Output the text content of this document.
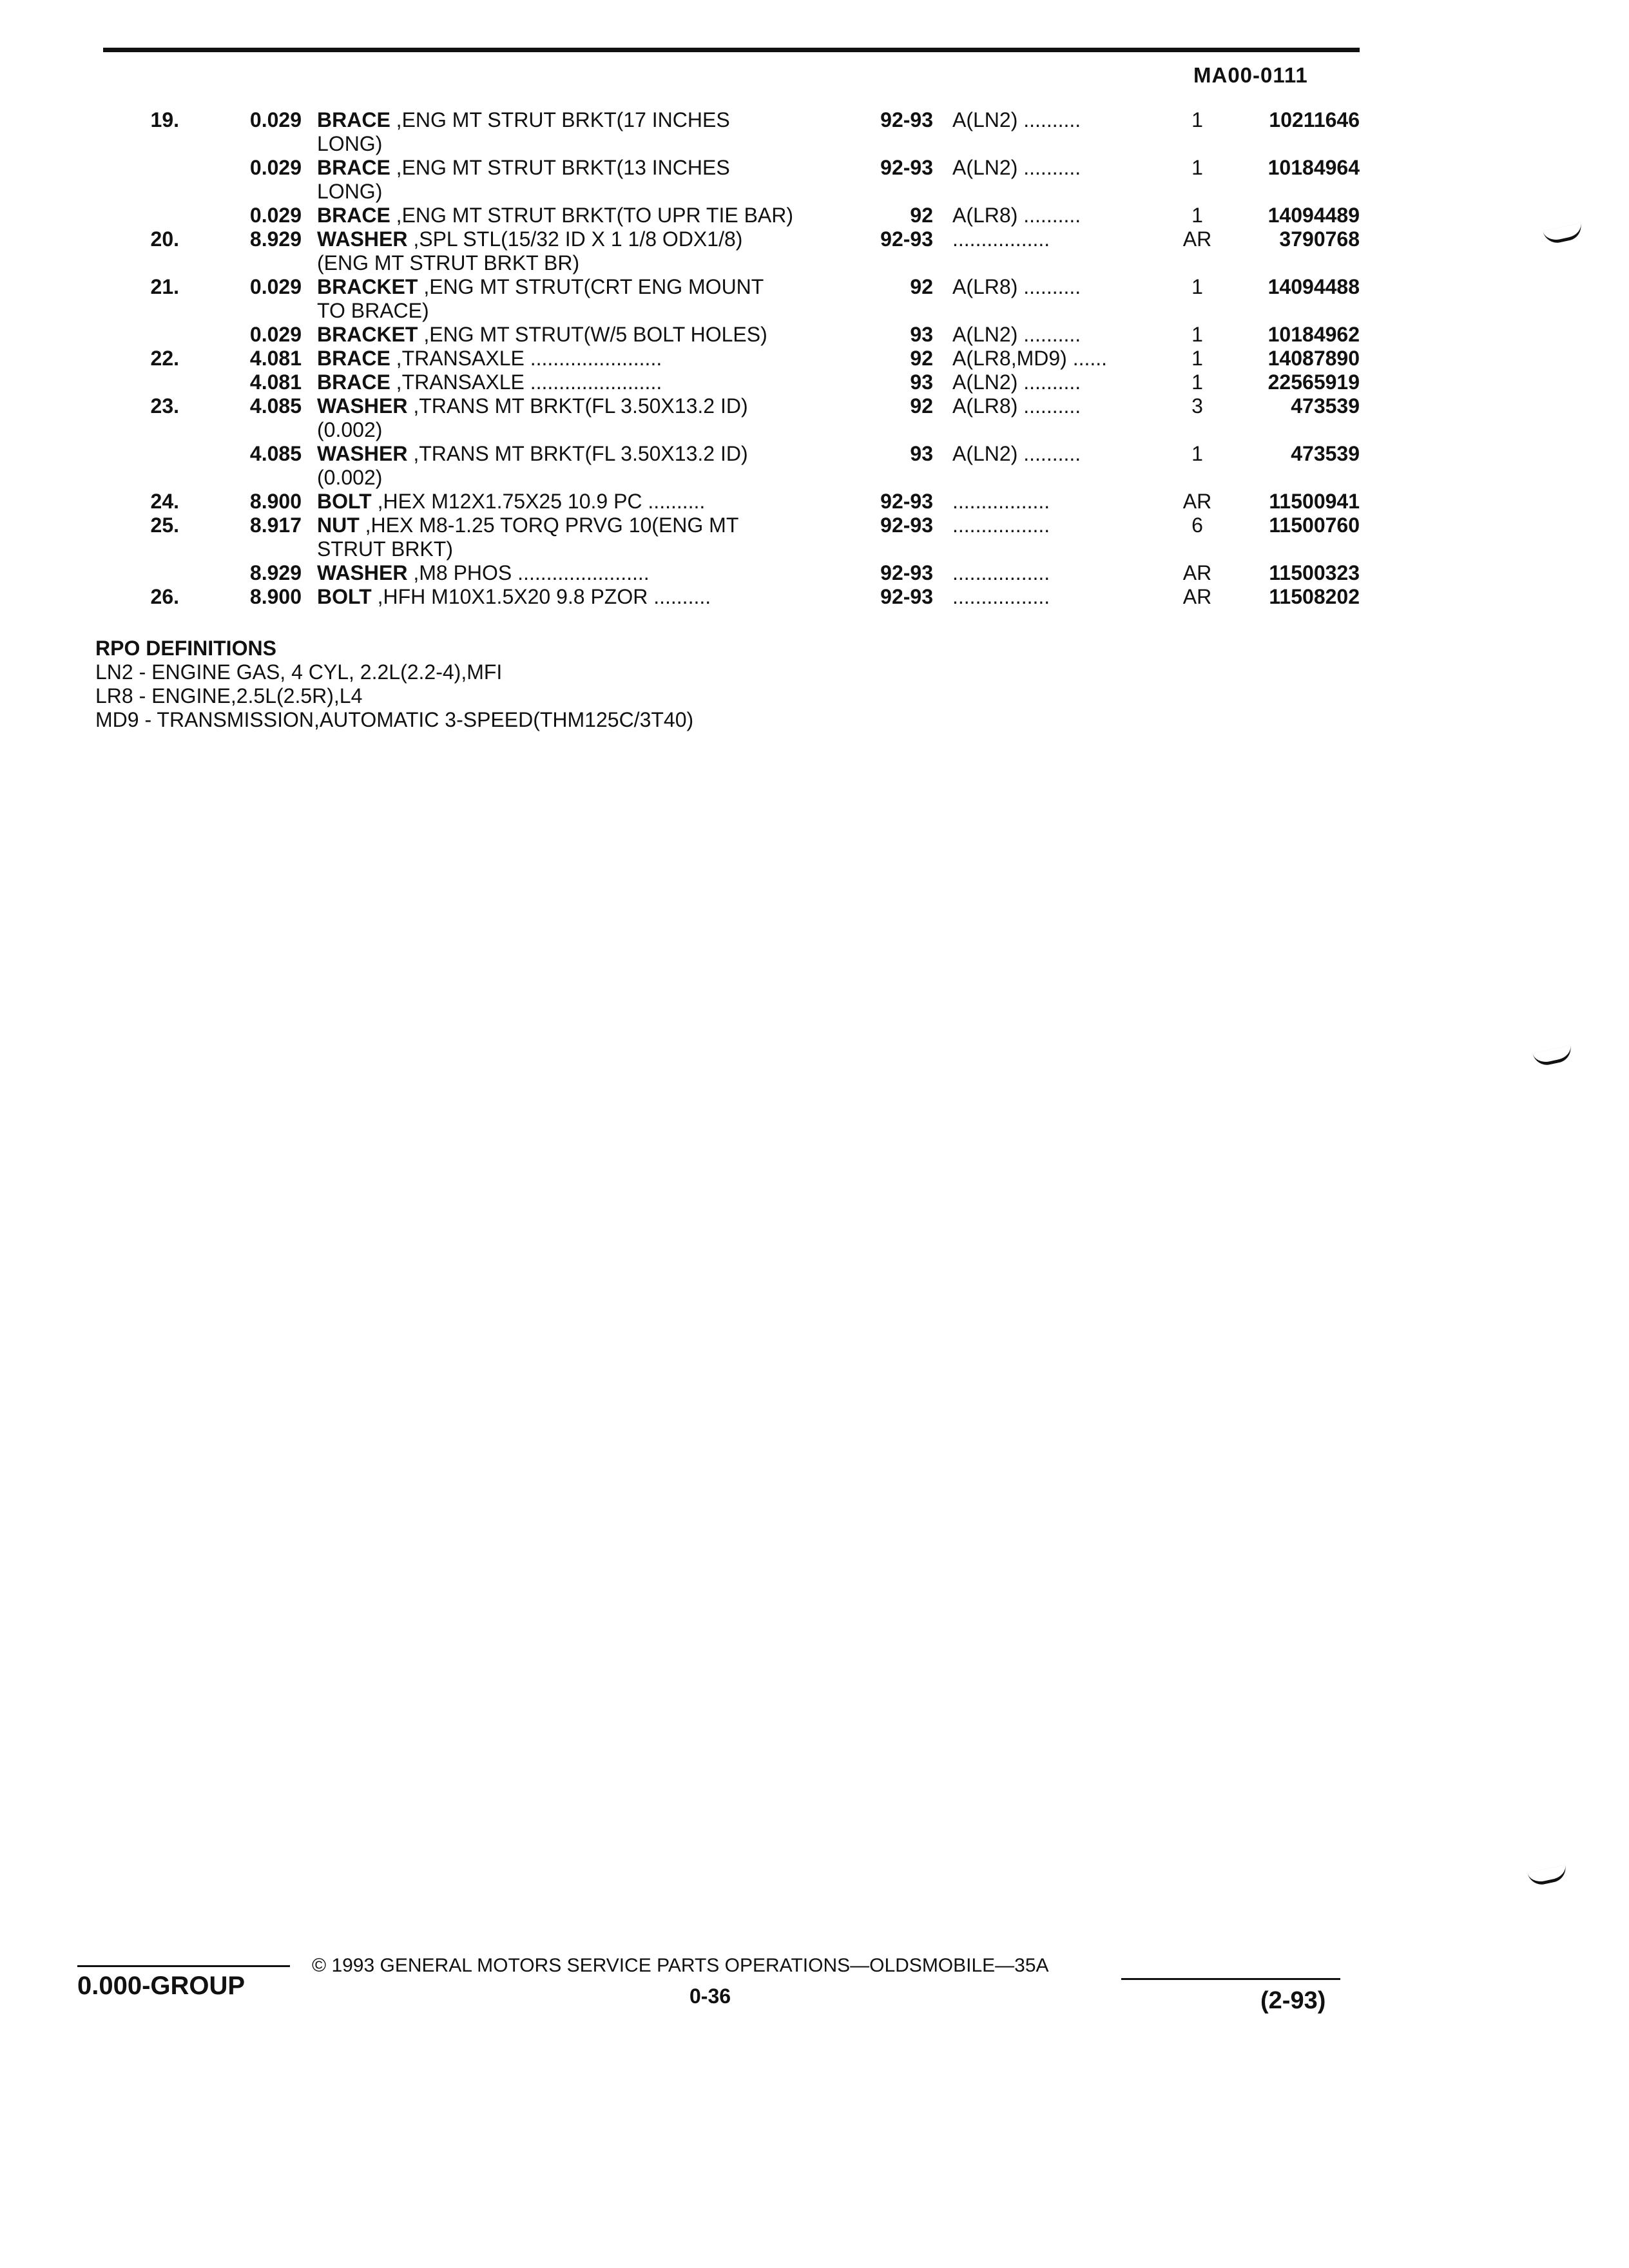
MA00-0111
19.	0.029 BRACE ,ENG MT STRUT BRKT(17 INCHES
LONG)
92-93 A(LN2) ..........	1	10211646
0.029 BRACE ,ENG MT STRUT BRKT(13 INCHES
LONG)
92-93 A(LN2) ..........	1	10184964
0.029 BRACE ,ENG MT STRUT BRKT(TO UPR TIE BAR)	92 A(LR8) ..........	1	14094489
20.	8.929 WASHER ,SPL STL(15/32 ID X 1 1/8 ODX1/8)
(ENG MT STRUT BRKT BR)
92-93 .................	AR	3790768
21.	0.029 BRACKET ,ENG MT STRUT(CRT ENG MOUNT
TO BRACE)
92 A(LR8) ..........	1	14094488
0.029 BRACKET ,ENG MT STRUT(W/5 BOLT HOLES)	93 A(LN2) ..........	1	10184962
22.	4.081 BRACE ,TRANSAXLE .......................	92 A(LR8,MD9) ......	1	14087890
4.081 BRACE ,TRANSAXLE .......................	93 A(LN2) ..........	1	22565919
23.	4.085 WASHER ,TRANS MT BRKT(FL 3.50X13.2 ID)
(0.002)
92 A(LR8) ..........	3	473539
4.085 WASHER ,TRANS MT BRKT(FL 3.50X13.2 ID)
(0.002)
93 A(LN2) ..........	1	473539
24.	8.900 BOLT ,HEX M12X1.75X25 10.9 PC ..........	92-93 .................	AR	11500941
25.	8.917 NUT ,HEX M8-1.25 TORQ PRVG 10(ENG MT
STRUT BRKT)
92-93 .................	6	11500760
8.929 WASHER ,M8 PHOS .......................	92-93 .................	AR	11500323
26.	8.900 BOLT ,HFH M10X1.5X20 9.8 PZOR ..........	92-93 .................	AR	11508202
RPO DEFINITIONS
LN2 - ENGINE GAS, 4 CYL, 2.2L(2.2-4),MFI
LR8 - ENGINE,2.5L(2.5R),L4
MD9 - TRANSMISSION,AUTOMATIC 3-SPEED(THM125C/3T40)
0.000-GROUP
© 1993 GENERAL MOTORS SERVICE PARTS OPERATIONS—OLDSMOBILE—35A
0-36	(2-93)
